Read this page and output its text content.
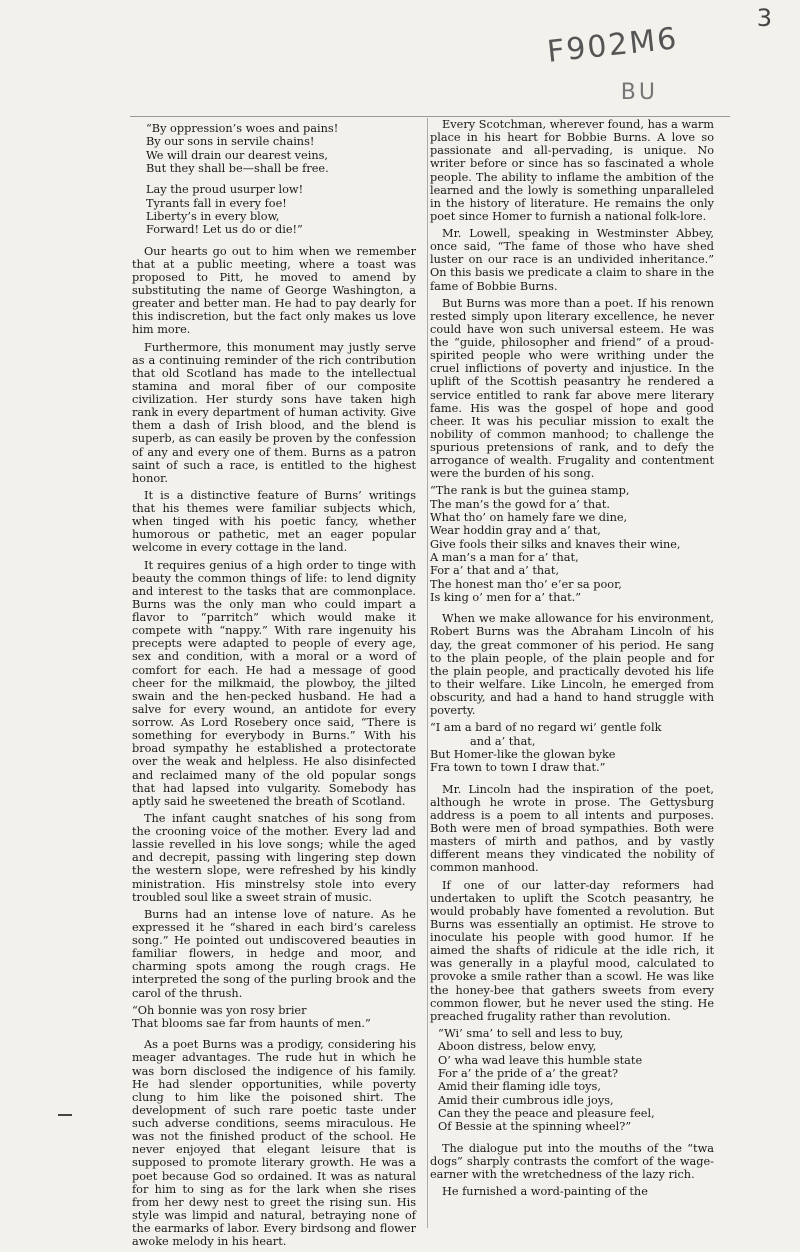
F902M6
BU
3
“By oppression’s woes and pains!
By our sons in servile chains!
We will drain our dearest veins,
But they shall be—shall be free.
Lay the proud usurper low!
Tyrants fall in every foe!
Liberty’s in every blow,
Forward! Let us do or die!”

Our hearts go out to him when we remember that at a public meeting, where a toast was proposed to Pitt, he moved to amend by substituting the name of George Washington, a greater and better man. He had to pay dearly for this indiscretion, but the fact only makes us love him more.

Furthermore, this monument may justly serve as a continuing reminder of the rich contribution that old Scotland has made to the intellectual stamina and moral fiber of our composite civilization. Her sturdy sons have taken high rank in every department of human activity. Give them a dash of Irish blood, and the blend is superb, as can easily be proven by the confession of any and every one of them. Burns as a patron saint of such a race, is entitled to the highest honor.

It is a distinctive feature of Burns’ writings that his themes were familiar subjects which, when tinged with his poetic fancy, whether humorous or pathetic, met an eager popular welcome in every cottage in the land.

It requires genius of a high order to tinge with beauty the common things of life: to lend dignity and interest to the tasks that are commonplace. Burns was the only man who could impart a flavor to “parritch” which would make it compete with “nappy.” With rare ingenuity his precepts were adapted to people of every age, sex and condition, with a moral or a word of comfort for each. He had a message of good cheer for the milkmaid, the plowboy, the jilted swain and the hen-pecked husband. He had a salve for every wound, an antidote for every sorrow. As Lord Rosebery once said, “There is something for everybody in Burns.” With his broad sympathy he established a protectorate over the weak and helpless. He also disinfected and reclaimed many of the old popular songs that had lapsed into vulgarity. Somebody has aptly said he sweetened the breath of Scotland.

The infant caught snatches of his song from the crooning voice of the mother. Every lad and lassie revelled in his love songs; while the aged and decrepit, passing with lingering step down the western slope, were refreshed by his kindly ministration. His minstrelsy stole into every troubled soul like a sweet strain of music.

Burns had an intense love of nature. As he expressed it he “shared in each bird’s careless song.” He pointed out undiscovered beauties in familiar flowers, in hedge and moor, and charming spots among the rough crags. He interpreted the song of the purling brook and the carol of the thrush.

“Oh bonnie was yon rosy brier
That blooms sae far from haunts of men.”

As a poet Burns was a prodigy, considering his meager advantages. The rude hut in which he was born disclosed the indigence of his family. He had slender opportunities, while poverty clung to him like the poisoned shirt. The development of such rare poetic taste under such adverse conditions, seems miraculous. He was not the finished product of the school. He never enjoyed that elegant leisure that is supposed to promote literary growth. He was a poet because God so ordained. It was as natural for him to sing as for the lark when she rises from her dewy nest to greet the rising sun. His style was limpid and natural, betraying none of the earmarks of labor. Every birdsong and flower awoke melody in his heart.

Every Scotchman, wherever found, has a warm place in his heart for Bobbie Burns. A love so passionate and all-pervading, is unique. No writer before or since has so fascinated a whole people. The ability to inflame the ambition of the learned and the lowly is something unparalleled in the history of literature. He remains the only poet since Homer to furnish a national folk-lore.

Mr. Lowell, speaking in Westminster Abbey, once said, “The fame of those who have shed luster on our race is an undivided inheritance.” On this basis we predicate a claim to share in the fame of Bobbie Burns.

But Burns was more than a poet. If his renown rested simply upon literary excellence, he never could have won such universal esteem. He was the “guide, philosopher and friend” of a proud-spirited people who were writhing under the cruel inflictions of poverty and injustice. In the uplift of the Scottish peasantry he rendered a service entitled to rank far above mere literary fame. His was the gospel of hope and good cheer. It was his peculiar mission to exalt the nobility of common manhood; to challenge the spurious pretensions of rank, and to defy the arrogance of wealth. Frugality and contentment were the burden of his song.

“The rank is but the guinea stamp,
The man’s the gowd for a’ that.
What tho’ on hamely fare we dine,
Wear hoddin gray and a’ that,
Give fools their silks and knaves their wine,
A man’s a man for a’ that,
For a’ that and a’ that,
The honest man tho’ e’er sa poor,
Is king o’ men for a’ that.”

When we make allowance for his environment, Robert Burns was the Abraham Lincoln of his day, the great commoner of his period. He sang to the plain people, of the plain people and for the plain people, and practically devoted his life to their welfare. Like Lincoln, he emerged from obscurity, and had a hand to hand struggle with poverty.

“I am a bard of no regard wi’ gentle folk
and a’ that,
But Homer-like the glowan byke
Fra town to town I draw that.”

Mr. Lincoln had the inspiration of the poet, although he wrote in prose. The Gettysburg address is a poem to all intents and purposes. Both were men of broad sympathies. Both were masters of mirth and pathos, and by vastly different means they vindicated the nobility of common manhood.

If one of our latter-day reformers had undertaken to uplift the Scotch peasantry, he would probably have fomented a revolution. But Burns was essentially an optimist. He strove to inoculate his people with good humor. If he aimed the shafts of ridicule at the idle rich, it was generally in a playful mood, calculated to provoke a smile rather than a scowl. He was like the honey-bee that gathers sweets from every common flower, but he never used the sting. He preached frugality rather than revolution.

“Wi’ sma’ to sell and less to buy,
Aboon distress, below envy,
O’ wha wad leave this humble state
For a’ the pride of a’ the great?
Amid their flaming idle toys,
Amid their cumbrous idle joys,
Can they the peace and pleasure feel,
Of Bessie at the spinning wheel?”

The dialogue put into the mouths of the “twa dogs” sharply contrasts the comfort of the wage-earner with the wretchedness of the lazy rich.

He furnished a word-painting of the
